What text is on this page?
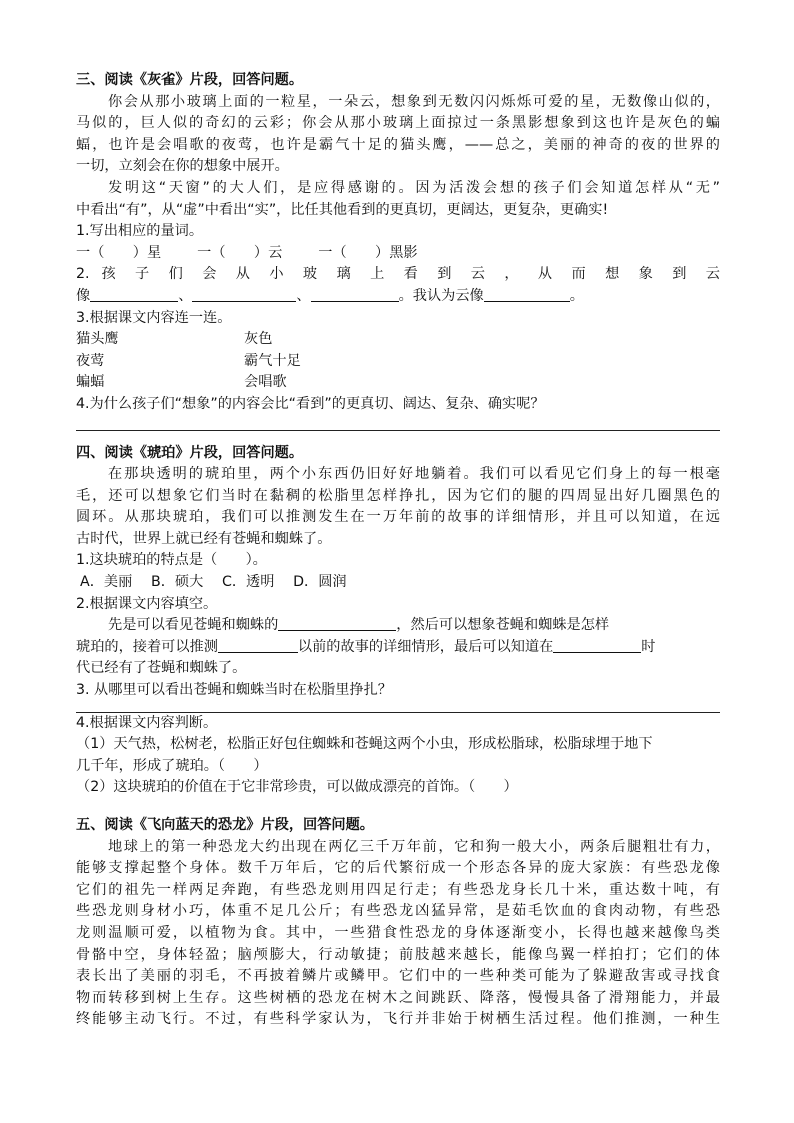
三、阅读《灰雀》片段，回答问题。
你会从那小玻璃上面的一粒星，一朵云，想象到无数闪闪烁烁可爱的星，无数像山似的，
马似的，巨人似的奇幻的云彩；你会从那小玻璃上面掠过一条黑影想象到这也许是灰色的蝙
蝠，也许是会唱歌的夜莺，也许是霸气十足的猫头鹰，——总之，美丽的神奇的夜的世界的
一切，立刻会在你的想象中展开。
发明这“天窗”的大人们，是应得感谢的。因为活泼会想的孩子们会知道怎样从“无”
中看出“有”，从“虚”中看出“实”，比任其他看到的更真切，更阔达，更复杂，更确实!
1.写出相应的量词。
一（　　）星	一（　　）云	一（　　）黑影
2. 孩 子 们 会 从 小 玻 璃 上 看 到 云 ， 从 而 想 象 到 云
像	、	、	。我认为云像	。
3.根据课文内容连一连。
猫头鹰	灰色
夜莺	霸气十足
蝙蝠	会唱歌
4.为什么孩子们“想象”的内容会比“看到”的更真切、阔达、复杂、确实呢？
四、阅读《琥珀》片段，回答问题。
在那块透明的琥珀里，两个小东西仍旧好好地躺着。我们可以看见它们身上的每一根毫
毛，还可以想象它们当时在黏稠的松脂里怎样挣扎，因为它们的腿的四周显出好几圈黑色的
圆环。从那块琥珀，我们可以推测发生在一万年前的故事的详细情形，并且可以知道，在远
古时代，世界上就已经有苍蝇和蜘蛛了。
1.这块琥珀的特点是（　　）。
A．美丽　 B．硕大　 C．透明　 D．圆润
2.根据课文内容填空。
先是可以看见苍蝇和蜘蛛的	，然后可以想象苍蝇和蜘蛛是怎样
琥珀的，接着可以推测	以前的故事的详细情形，最后可以知道在	时
代已经有了苍蝇和蜘蛛了。
3. 从哪里可以看出苍蝇和蜘蛛当时在松脂里挣扎？
4.根据课文内容判断。
（1）天气热，松树老，松脂正好包住蜘蛛和苍蝇这两个小虫，形成松脂球，松脂球埋于地下
几千年，形成了琥珀。（　　）
（2）这块琥珀的价值在于它非常珍贵，可以做成漂亮的首饰。（　　）
五、阅读《飞向蓝天的恐龙》片段，回答问题。
地球上的第一种恐龙大约出现在两亿三千万年前，它和狗一般大小，两条后腿粗壮有力，
能够支撑起整个身体。数千万年后，它的后代繁衍成一个形态各异的庞大家族：有些恐龙像
它们的祖先一样两足奔跑，有些恐龙则用四足行走；有些恐龙身长几十米，重达数十吨，有
些恐龙则身材小巧，体重不足几公斤；有些恐龙凶猛异常，是茹毛饮血的食肉动物，有些恐
龙则温顺可爱，以植物为食。其中，一些猎食性恐龙的身体逐渐变小，长得也越来越像鸟类
骨骼中空，身体轻盈；脑颅膨大，行动敏捷；前肢越来越长，能像鸟翼一样拍打；它们的体
表长出了美丽的羽毛，不再披着鳞片或鳞甲。它们中的一些种类可能为了躲避敌害或寻找食
物而转移到树上生存。这些树栖的恐龙在树木之间跳跃、降落，慢慢具备了滑翔能力，并最
终能够主动飞行。不过，有些科学家认为，飞行并非始于树栖生活过程。他们推测，一种生
